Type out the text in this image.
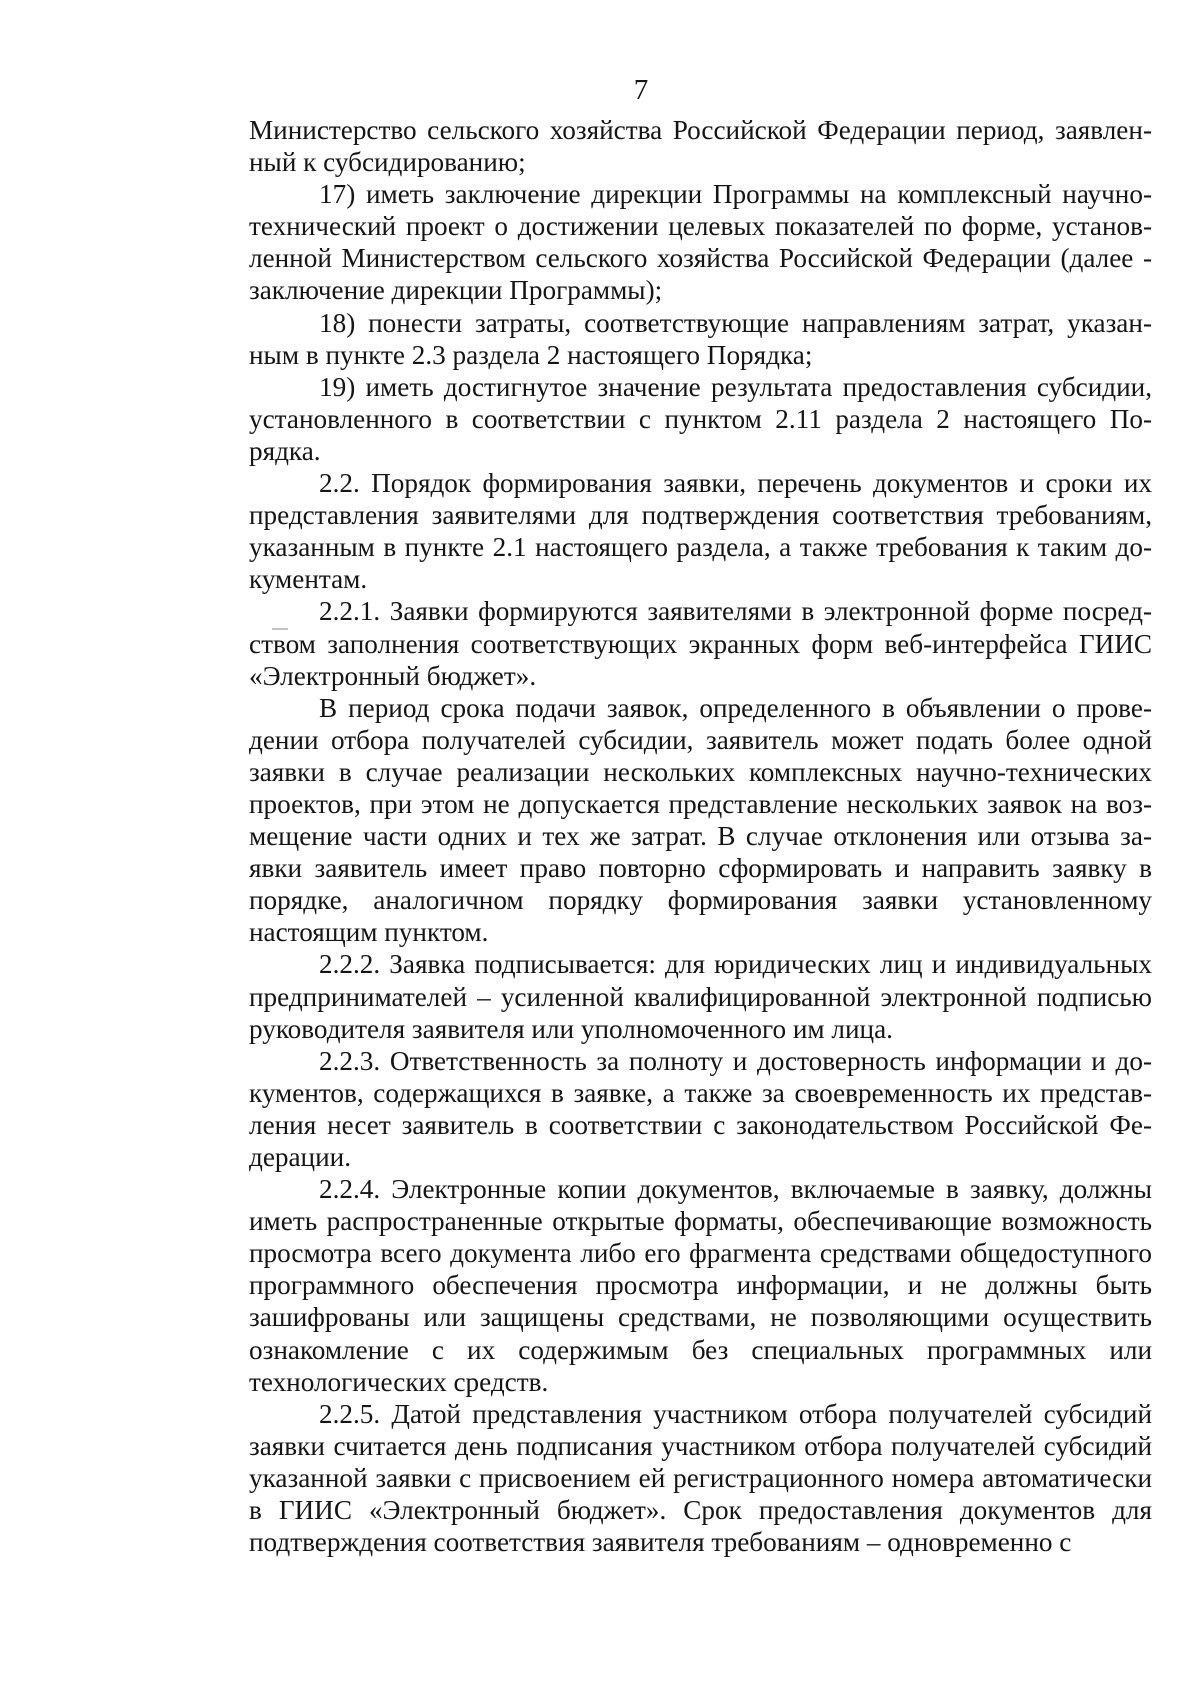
7

Министерство сельского хозяйства Российской Федерации период, заявленный к субсидированию;

17) иметь заключение дирекции Программы на комплексный научно-технический проект о достижении целевых показателей по форме, установленной Министерством сельского хозяйства Российской Федерации (далее - заключение дирекции Программы);

18) понести затраты, соответствующие направлениям затрат, указанным в пункте 2.3 раздела 2 настоящего Порядка;

19) иметь достигнутое значение результата предоставления субсидии, установленного в соответствии с пунктом 2.11 раздела 2 настоящего Порядка.

2.2. Порядок формирования заявки, перечень документов и сроки их представления заявителями для подтверждения соответствия требованиям, указанным в пункте 2.1 настоящего раздела, а также требования к таким документам.

2.2.1. Заявки формируются заявителями в электронной форме посредством заполнения соответствующих экранных форм веб-интерфейса ГИИС «Электронный бюджет».

В период срока подачи заявок, определенного в объявлении о проведении отбора получателей субсидии, заявитель может подать более одной заявки в случае реализации нескольких комплексных научно-технических проектов, при этом не допускается представление нескольких заявок на возмещение части одних и тех же затрат. В случае отклонения или отзыва заявки заявитель имеет право повторно сформировать и направить заявку в порядке, аналогичном порядку формирования заявки установленному настоящим пунктом.

2.2.2. Заявка подписывается: для юридических лиц и индивидуальных предпринимателей – усиленной квалифицированной электронной подписью руководителя заявителя или уполномоченного им лица.

2.2.3. Ответственность за полноту и достоверность информации и документов, содержащихся в заявке, а также за своевременность их представления несет заявитель в соответствии с законодательством Российской Федерации.

2.2.4. Электронные копии документов, включаемые в заявку, должны иметь распространенные открытые форматы, обеспечивающие возможность просмотра всего документа либо его фрагмента средствами общедоступного программного обеспечения просмотра информации, и не должны быть зашифрованы или защищены средствами, не позволяющими осуществить ознакомление с их содержимым без специальных программных или технологических средств.

2.2.5. Датой представления участником отбора получателей субсидий заявки считается день подписания участником отбора получателей субсидий указанной заявки с присвоением ей регистрационного номера автоматически в ГИИС «Электронный бюджет». Срок предоставления документов для подтверждения соответствия заявителя требованиям – одновременно с
